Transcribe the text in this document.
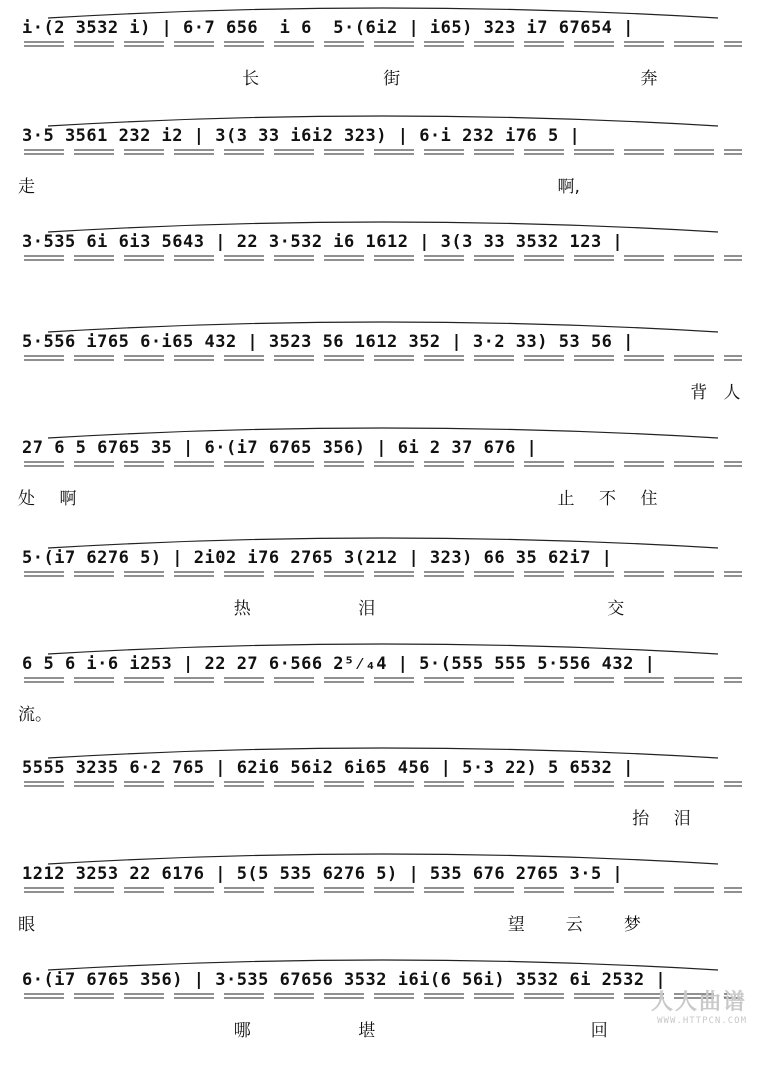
i·(2 3532 i) | 6·7 656  i 6  5·(6i2 | i65) 323 i7 67654 |
长	街	奔
3·5 3561 232 i2 | 3(3 33 i6i2 323) | 6·i 232 i76 5 |
走	啊,
3·535 6i 6i3 5643 | 22 3·532 i6 1612 | 3(3 33 3532 123 |
5·556 i765 6·i65 432 | 3523 56 1612 352 | 3·2 33) 53 56 |
背 人
27 6 5 6765 35 | 6·(i7 6765 356) | 6i 2 37 676 |
处 啊	止 不 住
5·(i7 6276 5) | 2i02 i76 2765 3(212 | 323) 66 35 62i7 |
热	泪	交
6 5 6 i·6 i253 | 22 27 6·566 2⁵⁄₄4 | 5·(555 555 5·556 432 |
流。
5555 3235 6·2 765 | 62i6 56i2 6i65 456 | 5·3 22) 5 6532 |
抬 泪
1212 3253 22 6176 | 5(5 535 6276 5) | 535 676 2765 3·5 |
眼	望 云 梦
6·(i7 6765 356) | 3·535 67656 3532 i6i(6 56i) 3532 6i 2532 |
哪	堪	回
人人曲谱
WWW.HTTPCN.COM
